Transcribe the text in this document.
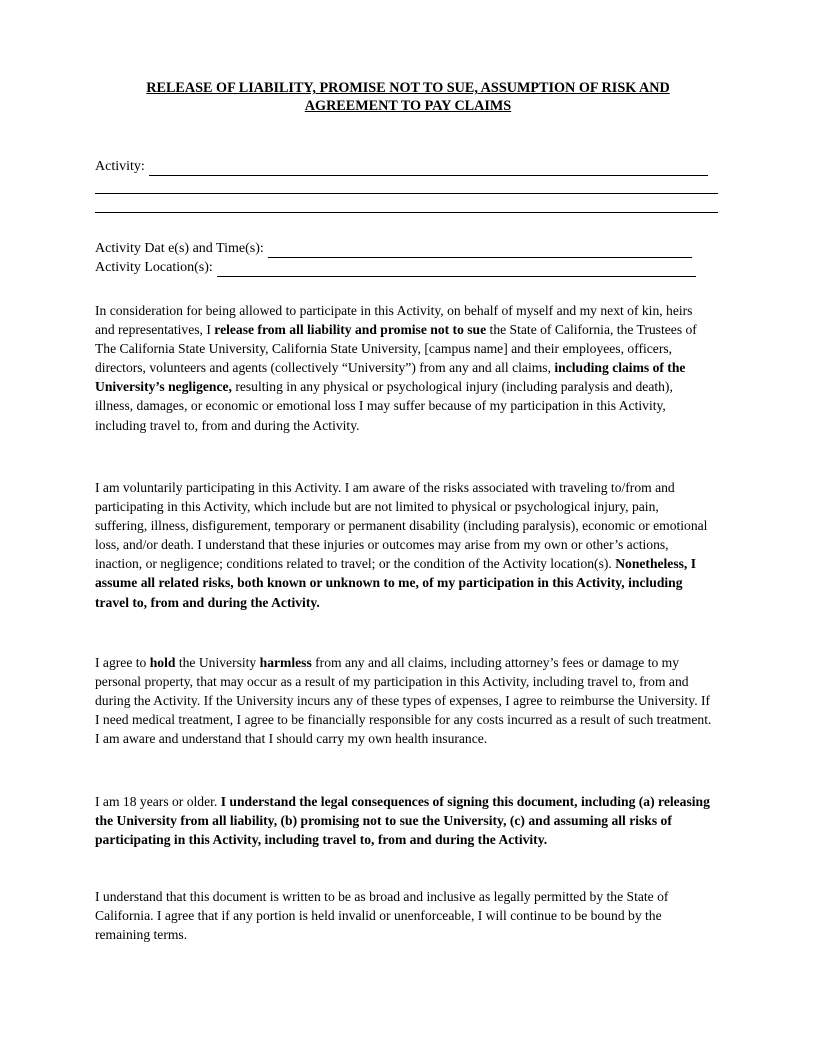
RELEASE OF LIABILITY, PROMISE NOT TO SUE, ASSUMPTION OF RISK AND
AGREEMENT TO PAY CLAIMS
Activity:
Activity Dat e(s) and Time(s):
Activity Location(s):

In consideration for being allowed to participate in this Activity, on behalf of myself and my next of kin, heirs and representatives, I release from all liability and promise not to sue the State of California, the Trustees of The California State University, California State University, [campus name] and their employees, officers, directors, volunteers and agents (collectively “University”) from any and all claims, including claims of the University’s negligence, resulting in any physical or psychological injury (including paralysis and death), illness, damages, or economic or emotional loss I may suffer because of my participation in this Activity, including travel to, from and during the Activity.

I am voluntarily participating in this Activity. I am aware of the risks associated with traveling to/from and participating in this Activity, which include but are not limited to physical or psychological injury, pain, suffering, illness, disfigurement, temporary or permanent disability (including paralysis), economic or emotional loss, and/or death. I understand that these injuries or outcomes may arise from my own or other’s actions, inaction, or negligence; conditions related to travel; or the condition of the Activity location(s). Nonetheless, I assume all related risks, both known or unknown to me, of my participation in this Activity, including travel to, from and during the Activity.

I agree to hold the University harmless from any and all claims, including attorney’s fees or damage to my personal property, that may occur as a result of my participation in this Activity, including travel to, from and during the Activity. If the University incurs any of these types of expenses, I agree to reimburse the University. If I need medical treatment, I agree to be financially responsible for any costs incurred as a result of such treatment. I am aware and understand that I should carry my own health insurance.

I am 18 years or older. I understand the legal consequences of signing this document, including (a) releasing the University from all liability, (b) promising not to sue the University, (c) and assuming all risks of participating in this Activity, including travel to, from and during the Activity.

I understand that this document is written to be as broad and inclusive as legally permitted by the State of California. I agree that if any portion is held invalid or unenforceable, I will continue to be bound by the remaining terms.
